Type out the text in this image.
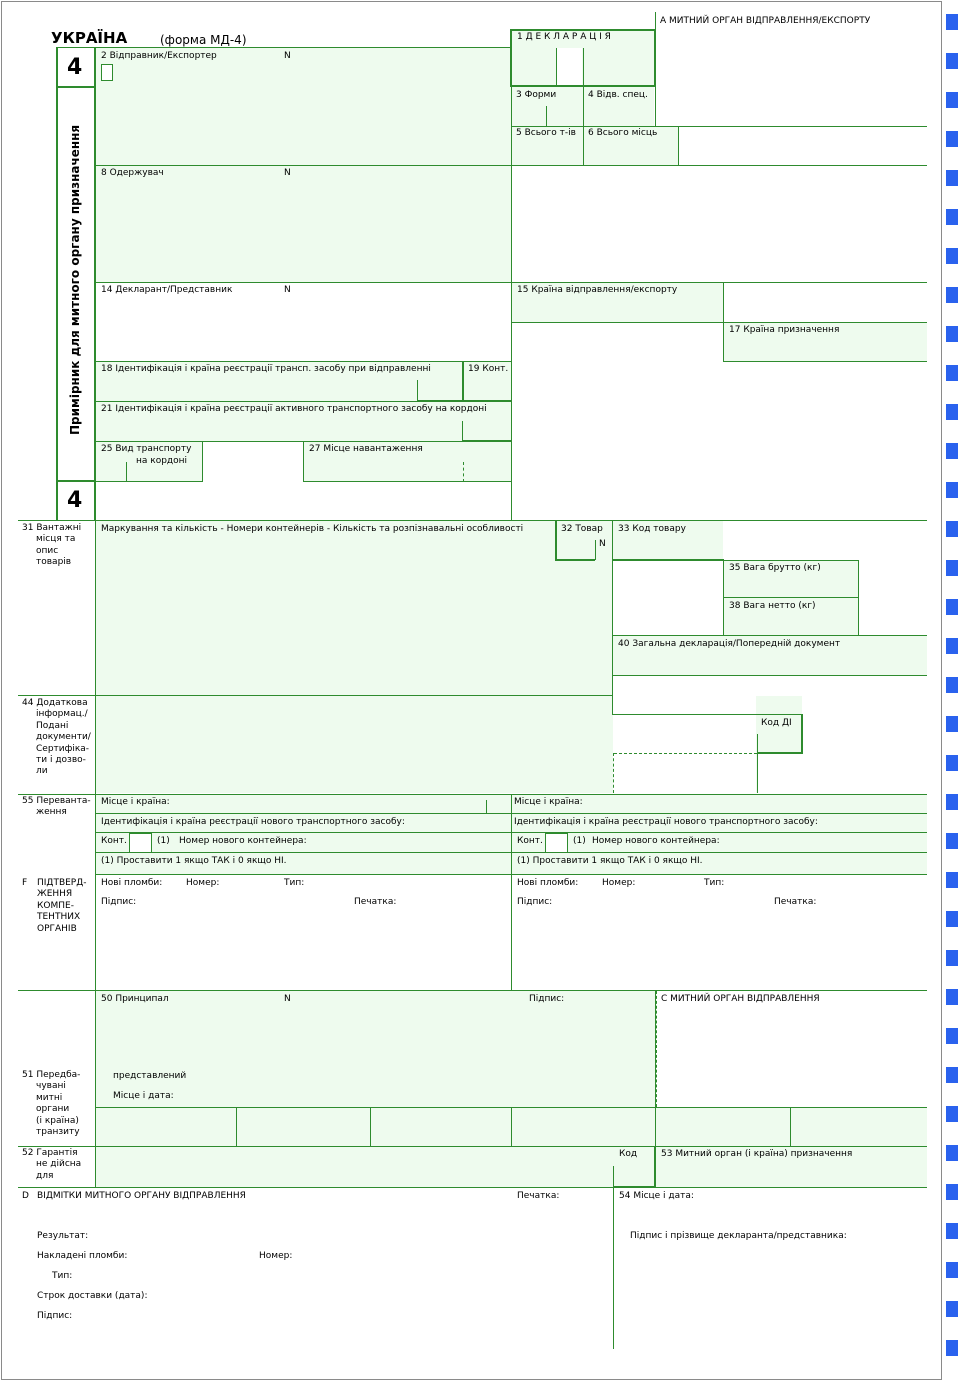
УКРАЇНА	(форма МД-4)
4
4
Примірник для митного органу призначення
А МИТНИЙ ОРГАН ВІДПРАВЛЕННЯ/ЕКСПОРТУ
1 Д Е К Л А Р А Ц І Я
2 Відправник/Експортер	N
3 Форми	4 Відв. спец.
5 Всього т-ів 6 Всього місць
8 Одержувач	N
14 Декларант/Представник	N	15 Країна відправлення/експорту
17 Країна призначення
18 Ідентифікація і країна реєстрації трансп. засобу при відправленні	19 Конт.
21 Ідентифікація і країна реєстрації активного транспортного засобу на кордоні
25 Вид транспорту
на кордоні
27 Місце навантаження
31 Вантажні
місця та
опис
товарів
Маркування та кількість - Номери контейнерів - Кількість та розпізнавальні особливості	32 Товар
N
33 Код товару
35 Вага брутто (кг)
38 Вага нетто (кг)
40 Загальна декларація/Попередній документ
44 Додаткова
інформац./
Подані
документи/
Сертифіка-
ти і дозво-
ли
Код ДІ
55 Переванта-
ження
Місце і країна:	Місце і країна:
Ідентифікація і країна реєстрації нового транспортного засобу:	Ідентифікація і країна реєстрації нового транспортного засобу:
Конт.	(1) Номер нового контейнера:	Конт.	(1) Номер нового контейнера:
(1) Проставити 1 якщо ТАК і 0 якщо НІ.	(1) Проставити 1 якщо ТАК і 0 якщо НІ.
F ПІДТВЕРД-
ЖЕННЯ
КОМПЕ-
ТЕНТНИХ
ОРГАНІВ
Нові пломби:	Номер:	Тип:
Підпис:	Печатка:
Нові пломби:	Номер:	Тип:
Підпис:	Печатка:
50 Принципал	N	Підпис:	С МИТНИЙ ОРГАН ВІДПРАВЛЕННЯ
представлений
Місце і дата:
51 Передба-
чувані
митні
органи
(і країна)
транзиту
52 Гарантія
не дійсна
для
Код	53 Митний орган (і країна) призначення
D ВІДМІТКИ МИТНОГО ОРГАНУ ВІДПРАВЛЕННЯ	Печатка:	54 Місце і дата:
Результат:
Накладені пломби:	Номер:
Тип:
Строк доставки (дата):
Підпис:
Підпис і прізвище декларанта/представника:
